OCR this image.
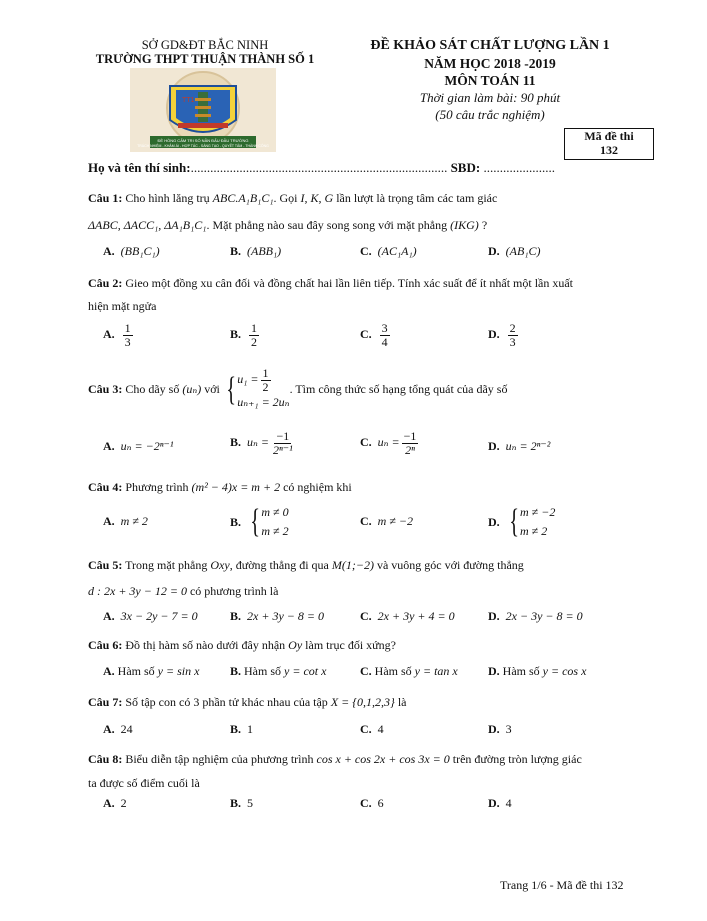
SỞ GD&ĐT BẮC NINH
TRƯỜNG THPT THUẬN THÀNH SỐ 1
TT1
ĐỀ HỒNG CẤM TRI SỐ NẦN ĐẤU ĐẦU TRƯỜNG
TRÁCH NHIỆM - KHẢM ÁI - HỢP TÁC - SÁNG TẠO - QUYẾT TÂM - THÀNH CÔNG
ĐỀ KHẢO SÁT CHẤT LƯỢNG LẦN 1
NĂM HỌC 2018 -2019
MÔN TOÁN 11
Thời gian làm bài: 90 phút
(50 câu trắc nghiệm)
Mã đề thi
132
Họ và tên thí sinh:............................................................................... SBD: ......................
Câu 1: Cho hình lăng trụ ABC.A₁B₁C₁. Gọi I, K, G lần lượt là trọng tâm các tam giác
ΔABC, ΔACC₁, ΔA₁B₁C₁. Mặt phẳng nào sau đây song song với mặt phẳng (IKG) ?
A. (BB₁C₁)	B. (ABB₁)	C. (AC₁A₁)	D. (AB₁C)
Câu 2: Gieo một đồng xu cân đối và đồng chất hai lần liên tiếp. Tính xác suất để ít nhất một lần xuất
hiện mặt ngửa
A. $\frac{1}{3}$	B. $\frac{1}{2}$	C. $\frac{3}{4}$	D. $\frac{2}{3}$
Câu 3:
Cho dãy số
(uₙ)
với
{ $u_1 = \frac{1}{2}$
uₙ₊₁ = 2uₙ
. Tìm công thức số hạng tổng quát của dãy số
A. uₙ = −2ⁿ⁻¹	B. $u_n = \frac{-1}{\text{2ⁿ⁻¹}}$	C. $u_n = \frac{-1}{\text{2ⁿ}}$	D. uₙ = 2ⁿ⁻²
Câu 4: Phương trình (m² − 4)x = m + 2 có nghiệm khi
A. m ≠ 2	B. { m ≠ 0
m ≠ 2
C. m ≠ −2	D. { m ≠ −2
m ≠ 2
Câu 5: Trong mặt phẳng Oxy, đường thẳng đi qua M(1;−2) và vuông góc với đường thẳng
d : 2x + 3y − 12 = 0 có phương trình là
A. 3x − 2y − 7 = 0	B. 2x + 3y − 8 = 0	C. 2x + 3y + 4 = 0	D. 2x − 3y − 8 = 0
Câu 6: Đồ thị hàm số nào dưới đây nhận Oy làm trục đối xứng?
A. Hàm số y = sin x	B. Hàm số y = cot x	C. Hàm số y = tan x	D. Hàm số y = cos x
Câu 7: Số tập con có 3 phần tử khác nhau của tập X = {0,1,2,3} là
A. 24	B. 1	C. 4	D. 3
Câu 8: Biểu diễn tập nghiệm của phương trình cos x + cos 2x + cos 3x = 0 trên đường tròn lượng giác
ta được số điểm cuối là
A. 2	B. 5	C. 6	D. 4
Trang 1/6 - Mã đề thi 132
